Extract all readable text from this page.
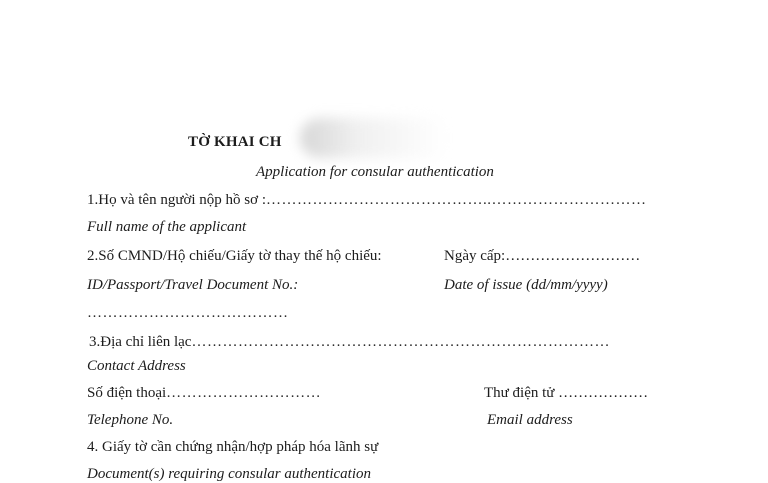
TỜ KHAI CH
Application for consular authentication
1.Họ và tên người nộp hồ sơ :……………………………………..…………………………
Full name of the applicant
2.Số CMND/Hộ chiếu/Giấy tờ thay thế hộ chiếu:	Ngày cấp:………………………
ID/Passport/Travel Document No.:	Date of issue (dd/mm/yyyy)
…………………………………
3.Địa chỉ liên lạc………………………………………………………………………
Contact Address
Số điện thoại…………………………	Thư điện tử ………………
Telephone No.	Email address
4. Giấy tờ cần chứng nhận/hợp pháp hóa lãnh sự
Document(s) requiring consular authentication
